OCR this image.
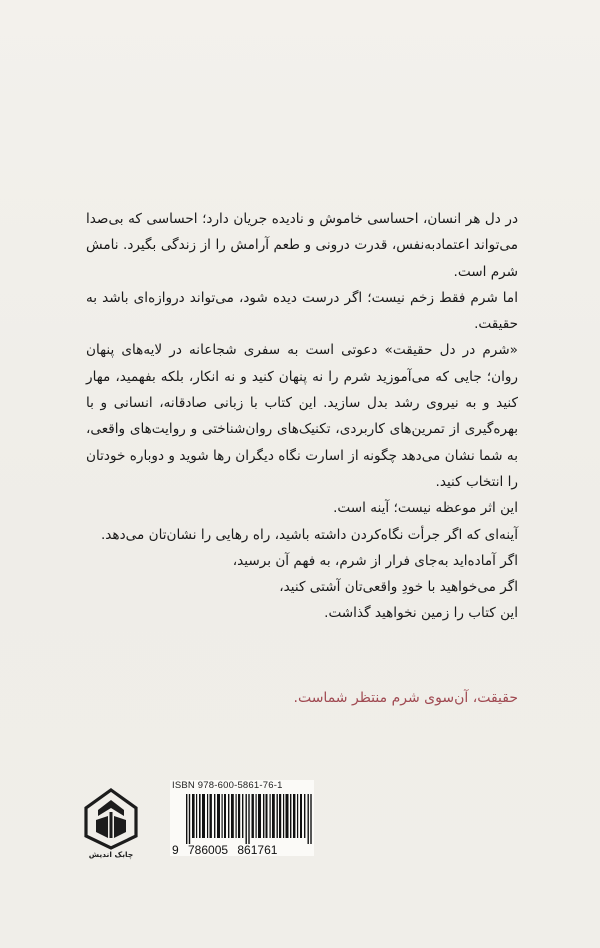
در دل هر انسان، احساسی خاموش و نادیده جریان دارد؛ احساسی که بی‌صدا می‌تواند اعتمادبه‌نفس، قدرت درونی و طعم آرامش را از زندگی بگیرد. نامش شرم است.

اما شرم فقط زخم نیست؛ اگر درست دیده شود، می‌تواند دروازه‌ای باشد به حقیقت.

«شرم در دل حقیقت» دعوتی است به سفری شجاعانه در لایه‌های پنهان روان؛ جایی که می‌آموزید شرم را نه پنهان کنید و نه انکار، بلکه بفهمید، مهار کنید و به نیروی رشد بدل سازید. این کتاب با زبانی صادقانه، انسانی و با بهره‌گیری از تمرین‌های کاربردی، تکنیک‌های روان‌شناختی و روایت‌های واقعی، به شما نشان می‌دهد چگونه از اسارت نگاه دیگران رها شوید و دوباره خودتان را انتخاب کنید.

این اثر موعظه نیست؛ آینه است.

آینه‌ای که اگر جرأت نگاه‌کردن داشته باشید، راه رهایی را نشان‌تان می‌دهد.

اگر آماده‌اید به‌جای فرار از شرم، به فهم آن برسید،

اگر می‌خواهید با خودِ واقعی‌تان آشتی کنید،

این کتاب را زمین نخواهید گذاشت.

حقیقت، آن‌سوی شرم منتظر شماست.
چابک اندیش
ISBN 978-600-5861-76-1
9 786005 861761
